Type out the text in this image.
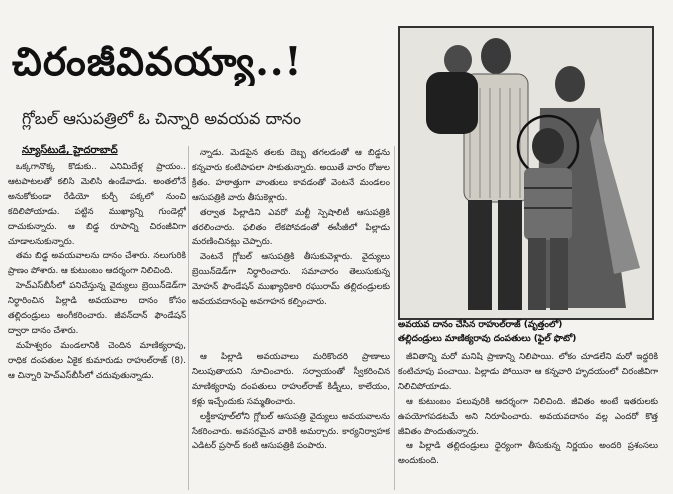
చిరంజీవివయ్యా..!
గ్లోబల్ ఆసుపత్రిలో ఓ చిన్నారి అవయవ దానం
న్యూస్‌టుడే, హైదరాబాద్

ఒక్కగానొక్క కొడుకు.. ఎనిమిదేళ్ల ప్రాయం.. ఆటపాటలతో కలిసి మెలిసి ఉండేవాడు. అంతలోనే అనుకోకుండా రేడియో కుర్చీ పక్కలో నుంచి కదిలిపోయాడు. పట్టిన ముఖ్యాన్ని గుండెల్లో దాచుకున్నారు. ఆ బిడ్డ రూపాన్ని చిరంజీవిగా చూడాలనుకున్నారు.

తమ బిడ్డ అవయవాలను దానం చేశారు. నలుగురికి ప్రాణం పోశారు. ఆ కుటుంబం ఆదర్శంగా నిలిచింది.

హెచ్‌ఎస్‌బీసీలో పనిచేస్తున్న వైద్యులు బ్రెయిన్‌డెడ్‌గా నిర్ధారించిన పిల్లాడి అవయవాల దానం కోసం తల్లిదండ్రులు అంగీకరించారు. జీవన్‌దాన్ ఫౌండేషన్ ద్వారా దానం చేశారు.

మహేశ్వరం మండలానికి చెందిన మాణిక్యరావు, రాధిక దంపతుల ఏకైక కుమారుడు రాహుల్‌రాజ్ (8). ఆ చిన్నారి హెచ్‌ఎస్‌బీసీలో చదువుతున్నాడు.

న్నాడు. మెడపైన తలకు దెబ్బ తగలడంతో ఆ బిడ్డను కన్నవారు కంటిపాపలా సాకుతున్నారు. అయితే వారం రోజుల క్రితం. హఠాత్తుగా వాంతులు కావడంతో వెంటనే మండలం ఆసుపత్రికి వారు తీసుకెళ్లారు.

తర్వాత పిల్లాడిని ఎవరో మల్టీ స్పెషాలిటీ ఆసుపత్రికి తరలించారు. ఫలితం లేకపోవడంతో ఈసీజీలో పిల్లాడు మరణించినట్లు చెప్పారు.

వెంటనే గ్లోబల్ ఆసుపత్రికి తీసుకువెళ్లారు. వైద్యులు బ్రెయిన్‌డెడ్‌గా నిర్ధారించారు. సమాచారం తెలుసుకున్న మోహన్ ఫౌండేషన్ ముఖ్యాధికారి రఘురామ్ తల్లిదండ్రులకు అవయవదానంపై అవగాహన కల్పించారు.

ఆ పిల్లాడి అవయవాలు మరికొందరి ప్రాణాలు నిలుపుతాయని సూచించారు. సర్వాయంతో స్వీకరించిన మాణిక్యరావు దంపతులు రాహుల్‌రాజ్ కిడ్నీలు, కాలేయం, కళ్లు ఇచ్చేందుకు సమ్మతించారు.

లక్డీకాపూల్‌లోని గ్లోబల్ ఆసుపత్రి వైద్యులు అవయవాలను సేకరించారు. అవసరమైన వారికి అమర్చారు. కార్యనిర్వాహక ఎడిటర్ ప్రసాద్ కంటి ఆసుపత్రికి పంపారు.

అవయవ దానం చేసిన రాహుల్‌రాజ్ (వృత్తంలో)
తల్లిదండ్రులు మాణిక్యరావు దంపతులు (ఫైల్ ఫొటో)

జీవితాన్ని మరో మనిషి ప్రాణాన్ని నిలిపాయి. లోకం చూడలేని మరో ఇద్దరికి కంటిచూపు పంచాయి. పిల్లాడు పోయినా ఆ కన్నవారి హృదయంలో చిరంజీవిగా నిలిచిపోయాడు.

ఆ కుటుంబం పలువురికి ఆదర్శంగా నిలిచింది. జీవితం అంటే ఇతరులకు ఉపయోగపడటమే అని నిరూపించారు. అవయవదానం వల్ల ఎందరో కొత్త జీవితం పొందుతున్నారు.

ఆ పిల్లాడి తల్లిదండ్రులు ధైర్యంగా తీసుకున్న నిర్ణయం అందరి ప్రశంసలు అందుకుంది.
